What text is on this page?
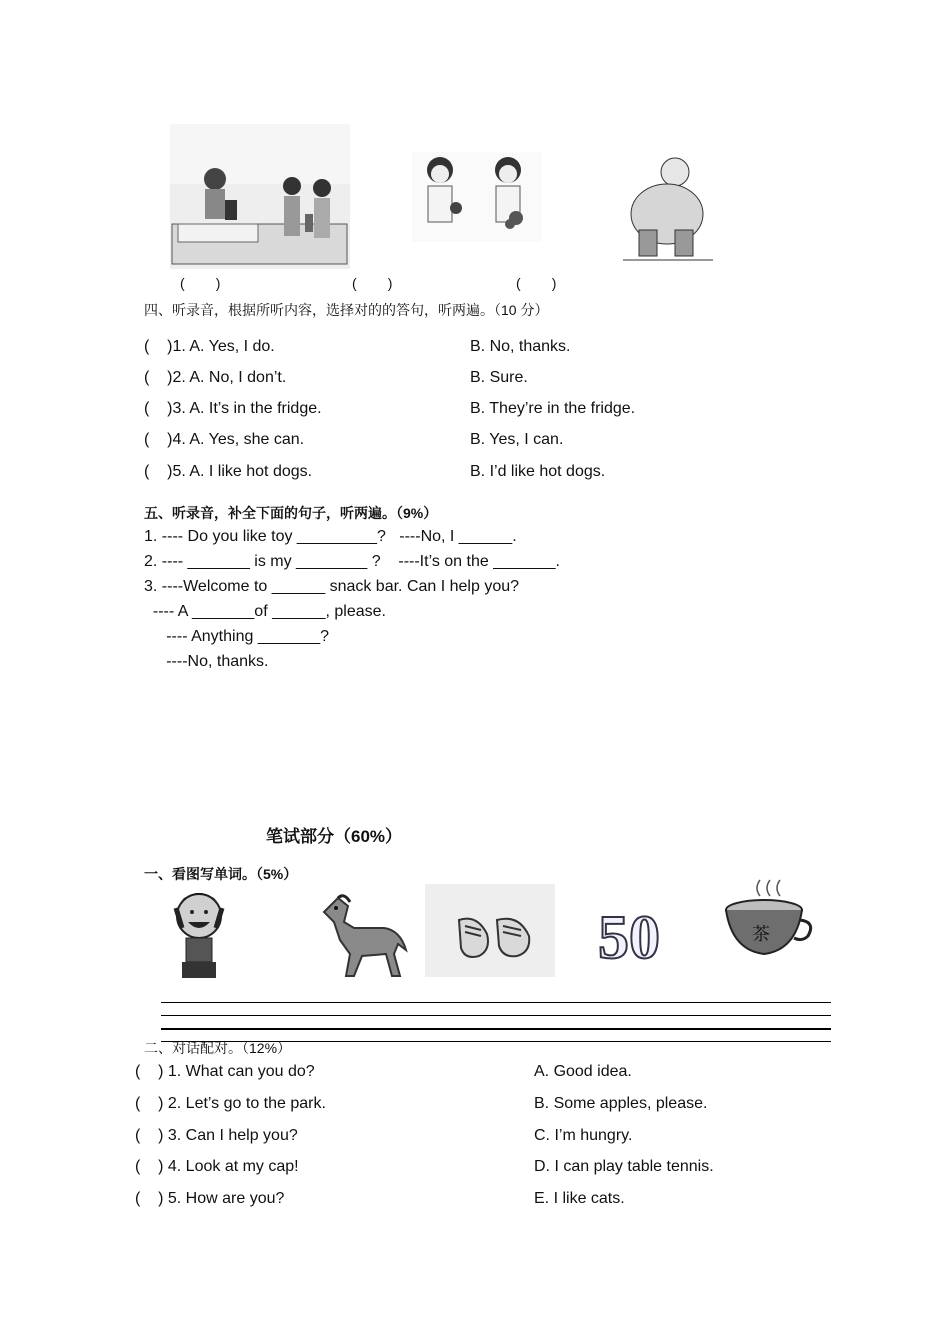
(        )	(        )	(        )
四、听录音，根据所听内容，选择对的的答句，听两遍。（10 分）
(    )1. A. Yes, I do.	B. No, thanks.
(    )2. A. No, I don’t.	B. Sure.
(    )3. A. It’s in the fridge.	B. They’re in the fridge.
(    )4. A. Yes, she can.	B. Yes, I can.
(    )5. A. I like hot dogs.	B. I’d like hot dogs.
五、听录音，补全下面的句子，听两遍。（9%）
1. ---- Do you like toy _________?   ----No, I ______.
2. ---- _______ is my ________ ?    ----It’s on the _______.
3. ----Welcome to ______ snack bar. Can I help you?
---- A _______of ______, please.
---- Anything _______?
----No, thanks.
笔试部分（60%）
一、看图写单词。（5%）
50	茶
二、对话配对。（12%）
(    ) 1. What can you do?	A. Good idea.
(    ) 2. Let’s go to the park.	B. Some apples, please.
(    ) 3. Can I help you?	C. I’m hungry.
(    ) 4. Look at my cap!	D. I can play table tennis.
(    ) 5. How are you?	E. I like cats.
